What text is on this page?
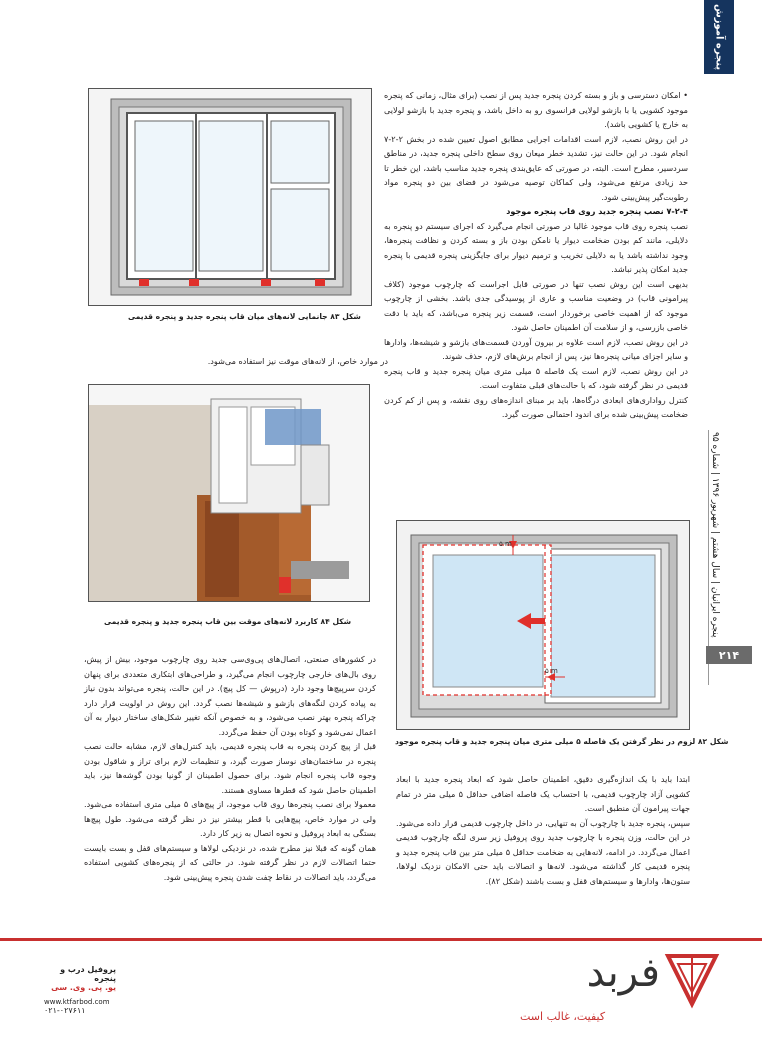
پنجره آموزش
پنجره ایرانیان | سال هشتم | شهریور ۱۳۹۶ | شماره ۹۵
۲۱۴

• امکان دسترسی و باز و بسته کردن پنجره جدید پس از نصب (برای مثال، زمانی که پنجره موجود کشویی یا با بازشو لولایی فرانسوی رو به داخل باشد، و پنجره جدید با بازشو لولایی به خارج یا کشویی باشد).

در این روش نصب، لازم است اقدامات اجرایی مطابق اصول تعیین شده در بخش ۲-۲-۷ انجام شود. در این حالت نیز، تشدید خطر میعان روی سطح داخلی پنجره جدید، در مناطق سردسیر، مطرح است. البته، در صورتی که عایق‌بندی پنجره جدید مناسب باشد، این خطر تا حد زیادی مرتفع می‌شود، ولی کماکان توصیه می‌شود در فضای بین دو پنجره مواد رطوبت‌گیر پیش‌بینی شود.

۷-۲-۴ نصب پنجره جدید روی قاب پنجره موجود

نصب پنجره روی قاب موجود غالبا در صورتی انجام می‌گیرد که اجرای سیستم دو پنجره به دلایلی، مانند کم بودن ضخامت دیوار یا نامکن بودن باز و بسته کردن و نظافت پنجره‌ها، وجود نداشته باشد یا به دلایلی تخریب و ترمیم دیوار برای جایگزینی پنجره قدیمی با پنجره جدید امکان پذیر نباشد.

بدیهی است این روش نصب تنها در صورتی قابل اجراست که چارچوب موجود (کلاف پیرامونی قاب) در وضعیت مناسب و عاری از پوسیدگی جدی باشد. بخشی از چارچوب موجود که از اهمیت خاصی برخوردار است، قسمت زیر پنجره می‌باشد، که باید با دقت خاصی بازرسی، و از سلامت آن اطمینان حاصل شود.

در این روش نصب، لازم است علاوه بر بیرون آوردن قسمت‌های بازشو و شیشه‌ها، وادارها و سایر اجزای میانی پنجره‌ها نیز، پس از انجام برش‌های لازم، حذف شوند.

در این روش نصب، لازم است یک فاصله ۵ میلی متری میان پنجره جدید و قاب پنجره قدیمی در نظر گرفته شود، که با حالت‌های قبلی متفاوت است.

کنترل رواداری‌های ابعادی درگاه‌ها، باید بر مبنای اندازه‌های روی نقشه، و پس از کم کردن ضخامت پیش‌بینی شده برای اندود احتمالی صورت گیرد.

شکل ۸۳ جانمایی لانه‌های میان قاب پنجره جدید و پنجره قدیمی
در موارد خاص، از لانه‌های موقت نیز استفاده می‌شود.
شکل ۸۴ کاربرد لانه‌های موقت بین قاب پنجره جدید و پنجره قدیمی
۵ m
۵ m
شکل ۸۲ لزوم در نظر گرفتن یک فاصله ۵ میلی متری میان پنجره جدید و قاب پنجره موجود

در کشورهای صنعتی، اتصال‌های پی‌وی‌سی جدید روی چارچوب موجود، بیش از پیش، روی بال‌های خارجی چارچوب انجام می‌گیرد، و طراحی‌های ابتکاری متعددی برای پنهان کردن سرپیچ‌ها وجود دارد (درپوش — کل پیچ). در این حالت، پنجره می‌تواند بدون نیاز به پیاده کردن لنگه‌های بازشو و شیشه‌ها نصب گردد. این روش در اولویت قرار دارد چراکه پنجره بهتر نصب می‌شود، و به خصوص آنکه تغییر شکل‌های ساختار دیوار به آن اعمال نمی‌شود و کوتاه بودن آن حفظ می‌گردد.

قبل از پیچ کردن پنجره به قاب پنجره قدیمی، باید کنترل‌های لازم، مشابه حالت نصب پنجره در ساختمان‌های نوساز صورت گیرد، و تنظیمات لازم برای تراز و شاقول بودن وجوه قاب پنجره انجام شود. برای حصول اطمینان از گونیا بودن گوشه‌ها نیز، باید اطمینان حاصل شود که قطرها مساوی هستند.

معمولا برای نصب پنجره‌ها روی قاب موجود، از پیچ‌های ۵ میلی متری استفاده می‌شود. ولی در موارد خاص، پیچ‌هایی با قطر بیشتر نیز در نظر گرفته می‌شود. طول پیچ‌ها بستگی به ابعاد پروفیل و نحوه اتصال به زیر کار دارد.

همان گونه که قبلا نیز مطرح شده، در نزدیکی لولاها و سیستم‌های قفل و بست بایست حتما اتصالات لازم در نظر گرفته شود. در حالتی که از پنجره‌های کشویی استفاده می‌گردد، باید اتصالات در نقاط چفت شدن پنجره پیش‌بینی شود.

ابتدا باید با یک اندازه‌گیری دقیق، اطمینان حاصل شود که ابعاد پنجره جدید با ابعاد کشویی آزاد چارچوب قدیمی، با احتساب یک فاصله اضافی حداقل ۵ میلی متر در تمام جهات پیرامون آن منطبق است.

سپس، پنجره جدید با چارچوب آن به تنهایی، در داخل چارچوب قدیمی قرار داده می‌شود. در این حالت، وزن پنجره با چارچوب جدید روی پروفیل زیر سری لنگه چارچوب قدیمی اعمال می‌گردد. در ادامه، لانه‌هایی به ضخامت حداقل ۵ میلی متر بین قاب پنجره جدید و پنجره قدیمی کار گذاشته می‌شود. لانه‌ها و اتصالات باید حتی الامکان نزدیک لولاها، ستون‌ها، وادارها و سیستم‌های قفل و بست باشند (شکل ۸۲).

فربد
کیفیت، غالب است
پروفیل درب و پنجره
یو. پی. وی. سی
www.ktfarbod.com
۰۲۱-۰۲۷۶۱۱
